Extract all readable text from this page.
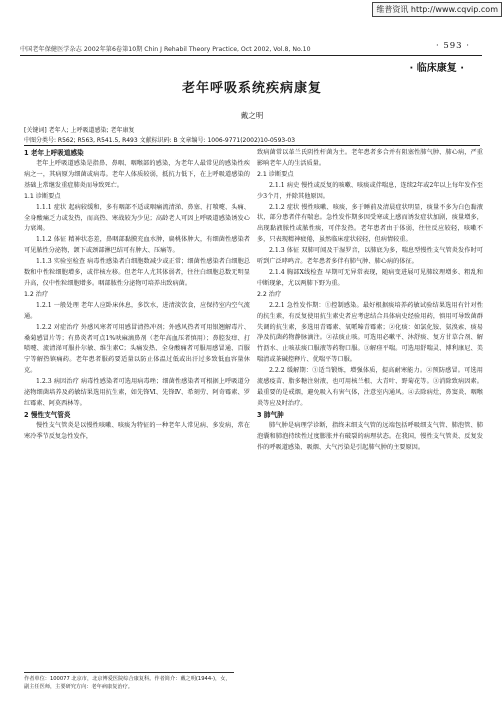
维普资讯 http://www.cqvip.com
中国老年保健医学杂志 2002年第6卷第10期 Chin J Rehabil Theory Practice, Oct 2002, Vol.8, No.10	· 593 ·
· 临床康复 ·
老年呼吸系统疾病康复
戴之明
[关键词] 老年人; 上呼吸道感染; 老年康复
中图分类号: R562; R563, R541.5, R493 文献标识码: B 文章编号: 1006-9771(2002)10-0593-03
1 老年上呼吸道感染

老年上呼吸道感染是指鼻、鼻咽、咽喉部的感染，为老年人最常见的感染性疾病之一，其病原为细菌或病毒。老年人体质较弱，抵抗力低下，在上呼吸道感染的基础上常继发重症肺炎而导致死亡。

1.1 诊断要点

1.1.1 症状 起病较缓和，多有咽部不适或咽痛流清涕、鼻塞、打喷嚏、头痛、全身酸痛乏力或发热，而高热、寒战较为少见；高龄老人可因上呼吸道感染诱发心力衰竭。

1.1.2 体征 精神状态差，鼻咽部黏膜充血水肿，扁桃体肿大，有细菌性感染者可见脓性分泌物，颌下或颈部淋巴结可有肿大、压痛等。

1.1.3 实验室检查 病毒性感染者白细胞数减少或正常；细菌性感染者白细胞总数和中性粒细胞增多，或伴核左移。但老年人尤其体弱者，往往白细胞总数无明显升高，仅中性粒细胞增多。咽部脓性分泌物可培养出致病菌。

1.2 治疗

1.2.1 一般处理 老年人应卧床休息，多饮水，进清淡饮食，应保持室内空气流通。

1.2.2 对症治疗 外感风寒者可用感冒清热冲剂；外感风热者可用银翘解毒片、桑菊感冒片等；有鼻炎者可点1%呋麻滴鼻剂（老年高血压者慎用）；鼻腔发痒、打喷嚏、流清涕可服扑尔敏、维生素C；头痛发热、全身酸痛者可服用感冒通、百服宁等解热镇痛药。老年患者服药要适量以防止体温过低或出汗过多致低血容量休克。

1.2.3 病因治疗 病毒性感染者可选用病毒唑；细菌性感染者可根据上呼吸道分泌物细菌培养及药敏结果选用抗生素，如先锋Ⅵ、先锋Ⅳ、希刻劳、阿奇霉素、罗红霉素、阿莫西林等。

2 慢性支气管炎

慢性支气管炎是以慢性咳嗽、咳痰为特征的一种老年人常见病、多发病，常在寒冷季节反复急性发作，

致病菌常以革兰氏阴性杆菌为主。老年患者多合并有阻塞性肺气肿、肺心病，严重影响老年人的生活质量。

2.1 诊断要点

2.1.1 病史 慢性或反复的咳嗽、咳痰或伴喘息，连续2年或2年以上每年发作至少3个月，并除其他原因。

2.1.2 症状 慢性咳嗽、咳痰，多于睡前及清晨症状明显，痰量不多为白色黏液状，部分患者伴有喘息。急性发作期多因受寒或上感而诱发症状加剧，痰量增多，出现黏液脓性或脓性痰，可伴发热。老年患者由于体弱，往往反应较轻，咳嗽不多，只表现精神疲倦，虽然临床症状较轻，但病情较重。

2.1.3 体征 双肺可闻及干湿罗音，以肺底为多，喘息型慢性支气管炎发作时可听到广泛哮鸣音。老年患者多伴有肺气肿、肺心病的体征。

2.1.4 胸部X线检查 早期可无异常表现，随病变进展可见肺纹理增多、粗乱和中断现象，尤以两肺下野为重。

2.2 治疗

2.2.1 急性发作期：①控制感染。最好根据痰培养药敏试验结果选用有针对性的抗生素，有反复使用抗生素史者应考虑结合具体病史经验用药，慎用可导致菌群失调的抗生素，多选用青霉素、氧哌嗪青霉素；②化痰：如氯化铵、氨溴索、痰易净及抗菌药物静脉滴注。②祛痰止咳。可选用必嗽平、沐舒痰、复方甘草合剂、解竹沥水、止咳祛痰口服液等药物口服。③解痉平喘。可选用舒喘灵、博利康尼、美喘清或茶碱控释片、优喘平等口服。

2.2.2 缓解期：①适当锻炼，增强体质，提高耐寒能力。②预防感冒。可选用流感疫苗、脂多糖注射液，也可用核兰根、大青叶、野菊花等。③消除致病因素。最重要的是戒烟，避免吸入有害气体，注意室内通风。④去除病灶，鼻窦炎、咽喉炎等应及时治疗。

3 肺气肿

肺气肿是病理学诊断，指终末细支气管的远端包括呼吸细支气管、肺泡管、肺泡囊和肺泡持续性过度膨胀并有破裂的病理状态。在我国，慢性支气管炎、反复发作的呼吸道感染、吸烟、大气污染是引起肺气肿的主要原因。

作者单位：100077 北京市，北京博爱医院综合康复科。作者简介：戴之明(1944-)，女，副主任医师，主要研究方向：老年病康复治疗。
